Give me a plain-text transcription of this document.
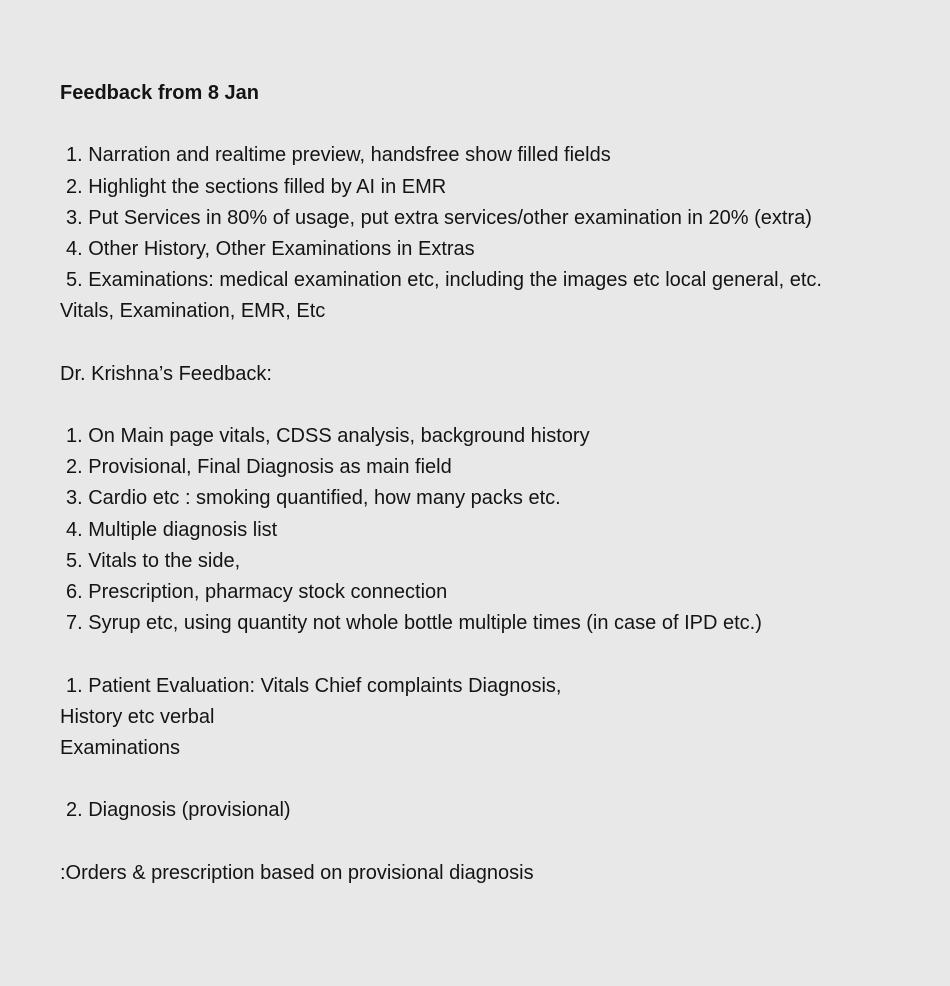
Feedback from 8 Jan

1. Narration and realtime preview, handsfree show filled fields

2. Highlight the sections filled by AI in EMR

3. Put Services in 80% of usage, put extra services/other examination in 20% (extra)

4. Other History, Other Examinations in Extras

5. Examinations: medical examination etc, including the images etc local general, etc.

Vitals, Examination, EMR, Etc

Dr. Krishna’s Feedback:

1. On Main page vitals, CDSS analysis, background history

2. Provisional, Final Diagnosis as main field

3. Cardio etc : smoking quantified, how many packs etc.

4. Multiple diagnosis list

5. Vitals to the side,

6. Prescription, pharmacy stock connection

7. Syrup etc, using quantity not whole bottle multiple times (in case of IPD etc.)

1. Patient Evaluation: Vitals Chief complaints Diagnosis,

History etc verbal

Examinations

2. Diagnosis (provisional)

:Orders & prescription based on provisional diagnosis
